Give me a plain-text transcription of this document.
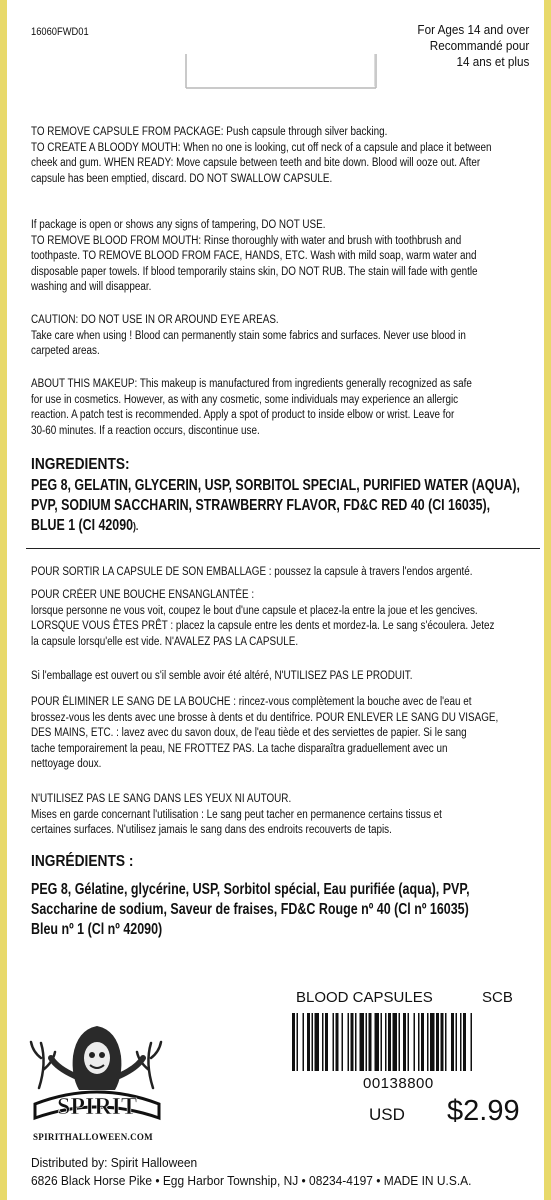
16060FWD01	For Ages 14 and over
Recommandé pour
14 ans et plus
TO REMOVE CAPSULE FROM PACKAGE: Push capsule through silver backing.
TO CREATE A BLOODY MOUTH: When no one is looking, cut off neck of a capsule and place it between
cheek and gum. WHEN READY: Move capsule between teeth and bite down. Blood will ooze out. After
capsule has been emptied, discard. DO NOT SWALLOW CAPSULE.
If package is open or shows any signs of tampering, DO NOT USE.
TO REMOVE BLOOD FROM MOUTH: Rinse thoroughly with water and brush with toothbrush and
toothpaste. TO REMOVE BLOOD FROM FACE, HANDS, ETC. Wash with mild soap, warm water and
disposable paper towels. If blood temporarily stains skin, DO NOT RUB. The stain will fade with gentle
washing and will disappear.
CAUTION: DO NOT USE IN OR AROUND EYE AREAS.
Take care when using ! Blood can permanently stain some fabrics and surfaces. Never use blood in
carpeted areas.
ABOUT THIS MAKEUP: This makeup is manufactured from ingredients generally recognized as safe
for use in cosmetics. However, as with any cosmetic, some individuals may experience an allergic
reaction. A patch test is recommended. Apply a spot of product to inside elbow or wrist. Leave for
30-60 minutes. If a reaction occurs, discontinue use.
INGREDIENTS:
PEG 8, GELATIN, GLYCERIN, USP, SORBITOL SPECIAL, PURIFIED WATER (AQUA),
PVP, SODIUM SACCHARIN, STRAWBERRY FLAVOR, FD&C RED 40 (CI 16035),
BLUE 1 (CI 42090).
POUR SORTIR LA CAPSULE DE SON EMBALLAGE : poussez la capsule à travers l'endos argenté.
POUR CRÉER UNE BOUCHE ENSANGLANTÉE :
lorsque personne ne vous voit, coupez le bout d'une capsule et placez-la entre la joue et les gencives.
LORSQUE VOUS ÊTES PRÊT : placez la capsule entre les dents et mordez-la. Le sang s'écoulera. Jetez
la capsule lorsqu'elle est vide. N'AVALEZ PAS LA CAPSULE.
Si l'emballage est ouvert ou s'il semble avoir été altéré, N'UTILISEZ PAS LE PRODUIT.
POUR ÉLIMINER LE SANG DE LA BOUCHE : rincez-vous complètement la bouche avec de l'eau et
brossez-vous les dents avec une brosse à dents et du dentifrice. POUR ENLEVER LE SANG DU VISAGE,
DES MAINS, ETC. : lavez avec du savon doux, de l'eau tiède et des serviettes de papier. Si le sang
tache temporairement la peau, NE FROTTEZ PAS. La tache disparaîtra graduellement avec un
nettoyage doux.
N'UTILISEZ PAS LE SANG DANS LES YEUX NI AUTOUR.
Mises en garde concernant l'utilisation : Le sang peut tacher en permanence certains tissus et
certaines surfaces. N'utilisez jamais le sang dans des endroits recouverts de tapis.
INGRÉDIENTS :
PEG 8, Gélatine, glycérine, USP, Sorbitol spécial, Eau purifiée (aqua), PVP,
Saccharine de sodium, Saveur de fraises, FD&C Rouge nº 40 (Cl nº 16035)
Bleu nº 1 (Cl nº 42090)
BLOOD CAPSULES	SCB
00138800
USD $2.99
SPIRIT
SPIRITHALLOWEEN.COM
Distributed by: Spirit Halloween
6826 Black Horse Pike • Egg Harbor Township, NJ • 08234-4197 • MADE IN U.S.A.
